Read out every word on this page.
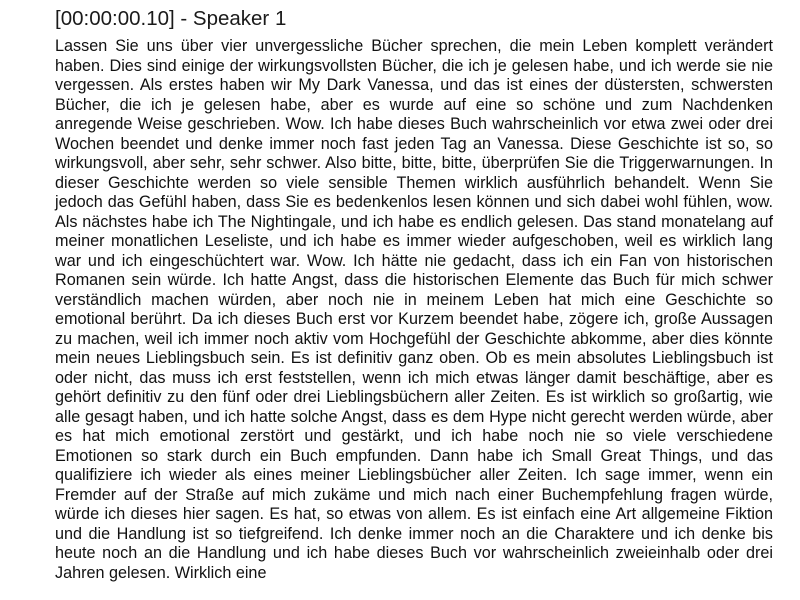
[00:00:00.10] - Speaker 1
Lassen Sie uns über vier unvergessliche Bücher sprechen, die mein Leben komplett verändert haben. Dies sind einige der wirkungsvollsten Bücher, die ich je gelesen habe, und ich werde sie nie vergessen. Als erstes haben wir My Dark Vanessa, und das ist eines der düstersten, schwersten Bücher, die ich je gelesen habe, aber es wurde auf eine so schöne und zum Nachdenken anregende Weise geschrieben. Wow. Ich habe dieses Buch wahrscheinlich vor etwa zwei oder drei Wochen beendet und denke immer noch fast jeden Tag an Vanessa. Diese Geschichte ist so, so wirkungsvoll, aber sehr, sehr schwer. Also bitte, bitte, bitte, überprüfen Sie die Triggerwarnungen. In dieser Geschichte werden so viele sensible Themen wirklich ausführlich behandelt. Wenn Sie jedoch das Gefühl haben, dass Sie es bedenkenlos lesen können und sich dabei wohl fühlen, wow. Als nächstes habe ich The Nightingale, und ich habe es endlich gelesen. Das stand monatelang auf meiner monatlichen Leseliste, und ich habe es immer wieder aufgeschoben, weil es wirklich lang war und ich eingeschüchtert war. Wow. Ich hätte nie gedacht, dass ich ein Fan von historischen Romanen sein würde. Ich hatte Angst, dass die historischen Elemente das Buch für mich schwer verständlich machen würden, aber noch nie in meinem Leben hat mich eine Geschichte so emotional berührt. Da ich dieses Buch erst vor Kurzem beendet habe, zögere ich, große Aussagen zu machen, weil ich immer noch aktiv vom Hochgefühl der Geschichte abkomme, aber dies könnte mein neues Lieblingsbuch sein. Es ist definitiv ganz oben. Ob es mein absolutes Lieblingsbuch ist oder nicht, das muss ich erst feststellen, wenn ich mich etwas länger damit beschäftige, aber es gehört definitiv zu den fünf oder drei Lieblingsbüchern aller Zeiten. Es ist wirklich so großartig, wie alle gesagt haben, und ich hatte solche Angst, dass es dem Hype nicht gerecht werden würde, aber es hat mich emotional zerstört und gestärkt, und ich habe noch nie so viele verschiedene Emotionen so stark durch ein Buch empfunden. Dann habe ich Small Great Things, und das qualifiziere ich wieder als eines meiner Lieblingsbücher aller Zeiten. Ich sage immer, wenn ein Fremder auf der Straße auf mich zukäme und mich nach einer Buchempfehlung fragen würde, würde ich dieses hier sagen. Es hat, so etwas von allem. Es ist einfach eine Art allgemeine Fiktion und die Handlung ist so tiefgreifend. Ich denke immer noch an die Charaktere und ich denke bis heute noch an die Handlung und ich habe dieses Buch vor wahrscheinlich zweieinhalb oder drei Jahren gelesen. Wirklich eine
